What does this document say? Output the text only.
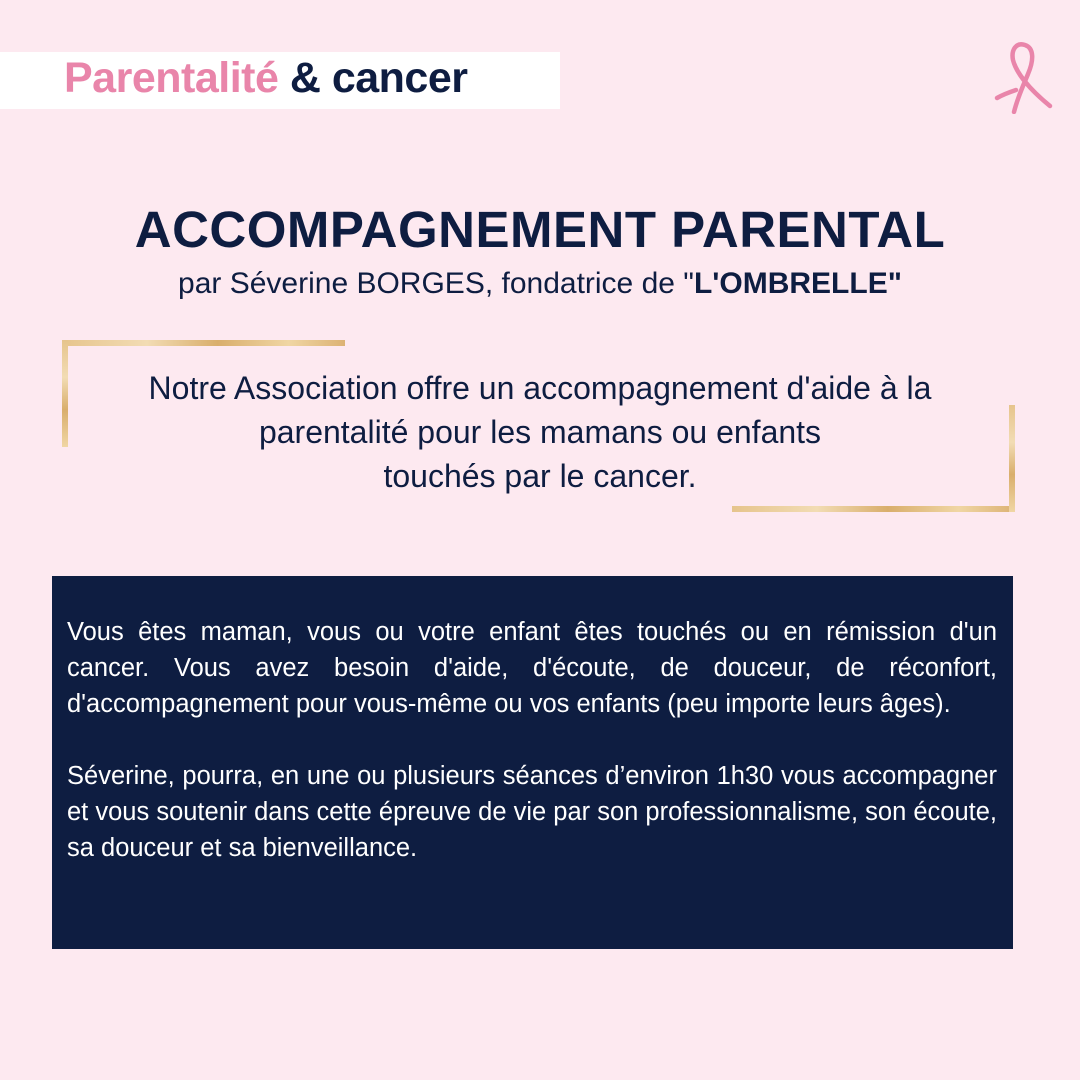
Parentalité & cancer
ACCOMPAGNEMENT PARENTAL
par Séverine BORGES, fondatrice de "L'OMBRELLE"
Notre Association offre un accompagnement d'aide à la
parentalité pour les mamans ou enfants
touchés par le cancer.

Vous êtes maman, vous ou votre enfant êtes touchés ou en rémission d'un cancer. Vous avez besoin d'aide, d'écoute, de douceur, de réconfort, d'accompagnement pour vous-même ou vos enfants (peu importe leurs âges).

Séverine, pourra, en une ou plusieurs séances d’environ 1h30 vous accompagner et vous soutenir dans cette épreuve de vie par son professionnalisme, son écoute, sa douceur et sa bienveillance.
